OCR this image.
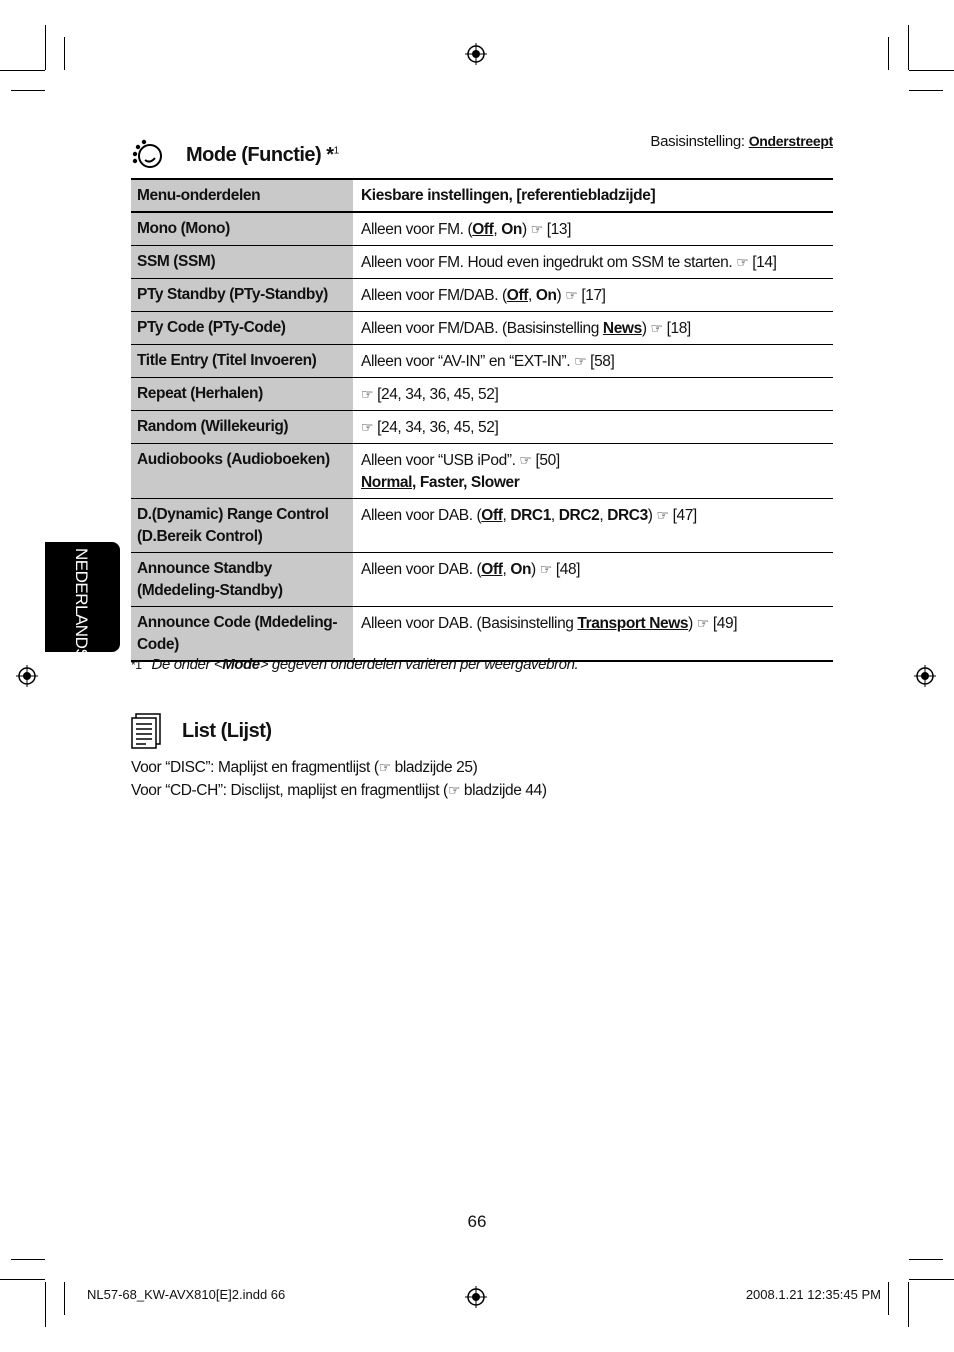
Basisinstelling: Onderstreept
Mode (Functie) *$^1$
Menu-onderdelen	Kiesbare instellingen, [referentiebladzijde]
Mono (Mono)	Alleen voor FM. (Off, On) ☞ [13]
SSM (SSM)	Alleen voor FM. Houd even ingedrukt om SSM te starten. ☞ [14]
PTy Standby (PTy-Standby)	Alleen voor FM/DAB. (Off, On) ☞ [17]
PTy Code (PTy-Code)	Alleen voor FM/DAB. (Basisinstelling News) ☞ [18]
Title Entry (Titel Invoeren)	Alleen voor “AV-IN” en “EXT-IN”. ☞ [58]
Repeat (Herhalen)	☞ [24, 34, 36, 45, 52]
Random (Willekeurig)	☞ [24, 34, 36, 45, 52]
Audiobooks (Audioboeken)	Alleen voor “USB iPod”. ☞ [50]
Normal, Faster, Slower
D.(Dynamic) Range Control
(D.Bereik Control)	Alleen voor DAB. (Off, DRC1, DRC2, DRC3) ☞ [47]
Announce Standby
(Mdedeling-Standby)	Alleen voor DAB. (Off, On) ☞ [48]
Announce Code (Mdedeling-
Code)	Alleen voor DAB. (Basisinstelling Transport News) ☞ [49]
NEDERLANDS
*1 De onder <Mode> gegeven onderdelen variëren per weergavebron.
List (Lijst)
Voor “DISC”: Maplijst en fragmentlijst (☞ bladzijde 25)
Voor “CD-CH”: Disclijst, maplijst en fragmentlijst (☞ bladzijde 44)
66
NL57-68_KW-AVX810[E]2.indd 66	2008.1.21 12:35:45 PM
